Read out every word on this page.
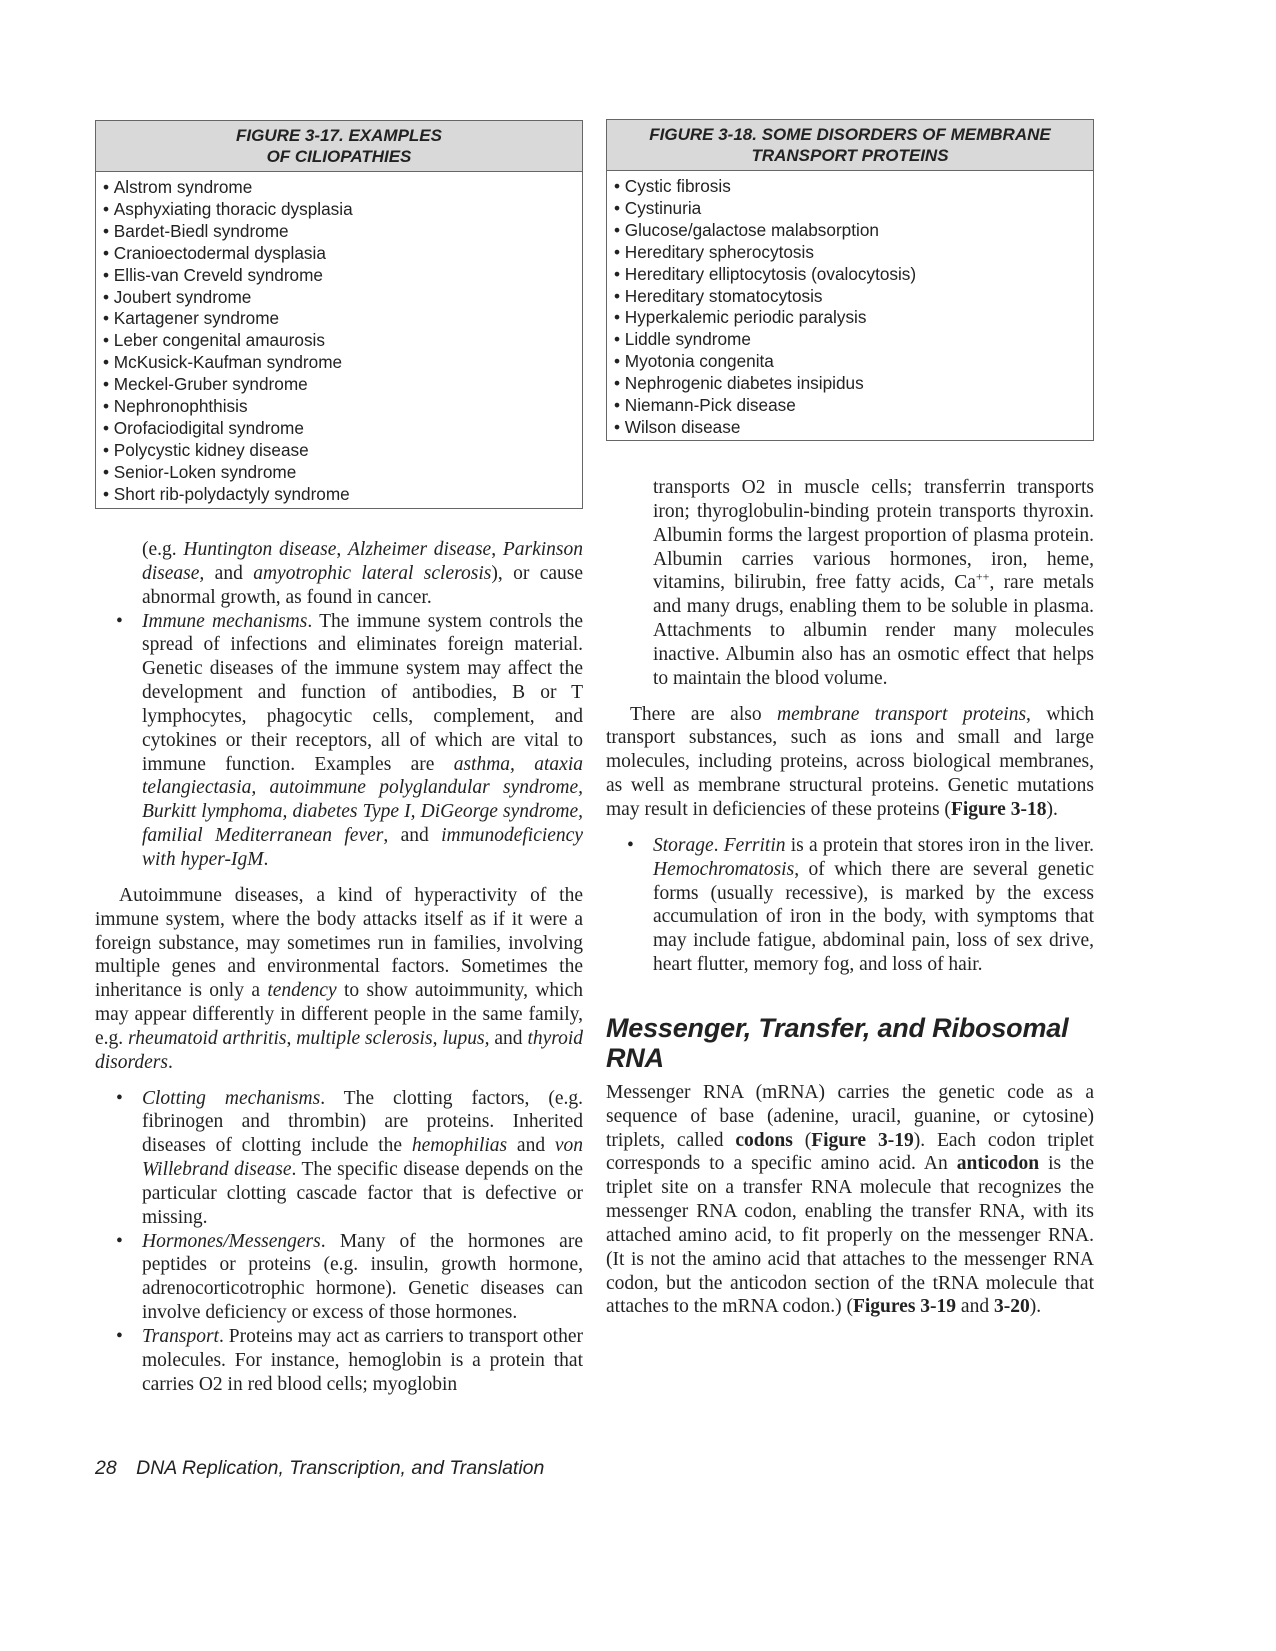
FIGURE 3-17. EXAMPLES
OF CILIOPATHIES
• Alstrom syndrome
• Asphyxiating thoracic dysplasia
• Bardet-Biedl syndrome
• Cranioectodermal dysplasia
• Ellis-van Creveld syndrome
• Joubert syndrome
• Kartagener syndrome
• Leber congenital amaurosis
• McKusick-Kaufman syndrome
• Meckel-Gruber syndrome
• Nephronophthisis
• Orofaciodigital syndrome
• Polycystic kidney disease
• Senior-Loken syndrome
• Short rib-polydactyly syndrome
FIGURE 3-18. SOME DISORDERS OF MEMBRANE
TRANSPORT PROTEINS
• Cystic fibrosis
• Cystinuria
• Glucose/galactose malabsorption
• Hereditary spherocytosis
• Hereditary elliptocytosis (ovalocytosis)
• Hereditary stomatocytosis
• Hyperkalemic periodic paralysis
• Liddle syndrome
• Myotonia congenita
• Nephrogenic diabetes insipidus
• Niemann-Pick disease
• Wilson disease

(e.g. Huntington disease, Alzheimer disease, Parkinson disease, and amyotrophic lateral sclerosis), or cause abnormal growth, as found in cancer.

• Immune mechanisms. The immune system controls the spread of infections and eliminates foreign material. Genetic diseases of the immune system may affect the development and function of antibodies, B or T lymphocytes, phagocytic cells, complement, and cytokines or their receptors, all of which are vital to immune function. Examples are asthma, ataxia telangiectasia, autoimmune polyglandular syndrome, Burkitt lymphoma, diabetes Type I, DiGeorge syndrome, familial Mediterranean fever, and immunodeficiency with hyper-IgM.

Autoimmune diseases, a kind of hyperactivity of the immune system, where the body attacks itself as if it were a foreign substance, may sometimes run in families, involving multiple genes and environmental factors. Sometimes the inheritance is only a tendency to show autoimmunity, which may appear differently in different people in the same family, e.g. rheumatoid arthritis, multiple sclerosis, lupus, and thyroid disorders.

• Clotting mechanisms. The clotting factors, (e.g. fibrinogen and thrombin) are proteins. Inherited diseases of clotting include the hemophilias and von Willebrand disease. The specific disease depends on the particular clotting cascade factor that is defective or missing.
• Hormones/Messengers. Many of the hormones are peptides or proteins (e.g. insulin, growth hormone, adrenocorticotrophic hormone). Genetic diseases can involve deficiency or excess of those hormones.
• Transport. Proteins may act as carriers to transport other molecules. For instance, hemoglobin is a protein that carries O2 in red blood cells; myoglobin

transports O2 in muscle cells; transferrin transports iron; thyroglobulin-binding protein transports thyroxin. Albumin forms the largest proportion of plasma protein. Albumin carries various hormones, iron, heme, vitamins, bilirubin, free fatty acids, Ca++, rare metals and many drugs, enabling them to be soluble in plasma. Attachments to albumin render many molecules inactive. Albumin also has an osmotic effect that helps to maintain the blood volume.

There are also membrane transport proteins, which transport substances, such as ions and small and large molecules, including proteins, across biological membranes, as well as membrane structural proteins. Genetic mutations may result in deficiencies of these proteins (Figure 3-18).

• Storage. Ferritin is a protein that stores iron in the liver. Hemochromatosis, of which there are several genetic forms (usually recessive), is marked by the excess accumulation of iron in the body, with symptoms that may include fatigue, abdominal pain, loss of sex drive, heart flutter, memory fog, and loss of hair.
Messenger, Transfer, and Ribosomal RNA

Messenger RNA (mRNA) carries the genetic code as a sequence of base (adenine, uracil, guanine, or cytosine) triplets, called codons (Figure 3-19). Each codon triplet corresponds to a specific amino acid. An anticodon is the triplet site on a transfer RNA molecule that recognizes the messenger RNA codon, enabling the transfer RNA, with its attached amino acid, to fit properly on the messenger RNA. (It is not the amino acid that attaches to the messenger RNA codon, but the anticodon section of the tRNA molecule that attaches to the mRNA codon.) (Figures 3-19 and 3-20).

28 DNA Replication, Transcription, and Translation
